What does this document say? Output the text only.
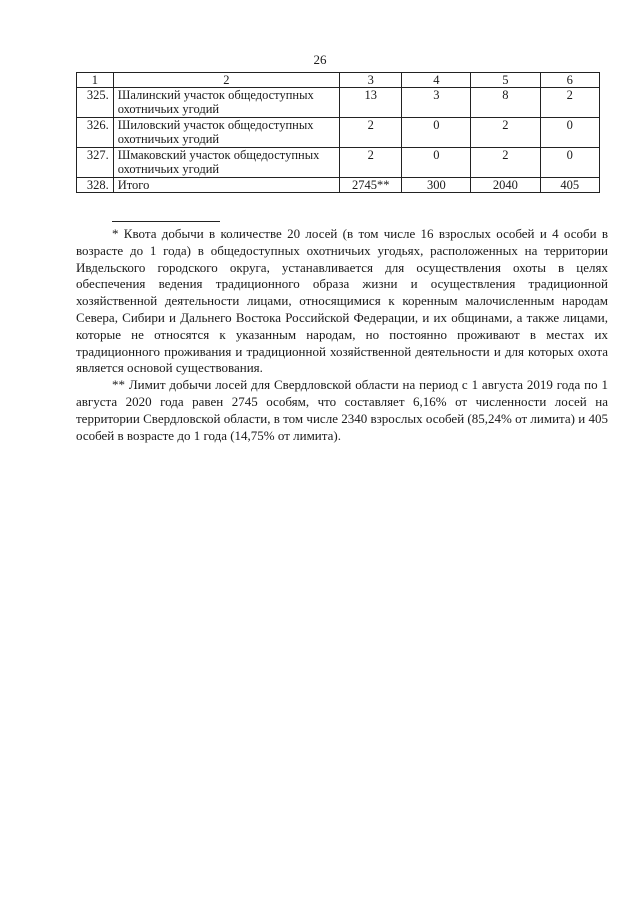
26
1	2	3	4	5	6
325.	Шалинский участок общедоступных охотничьих угодий	13	3	8	2
326.	Шиловский участок общедоступных охотничьих угодий	2	0	2	0
327.	Шмаковский участок общедоступных охотничьих угодий	2	0	2	0
328.	Итого	2745**	300	2040	405

* Квота добычи в количестве 20 лосей (в том числе 16 взрослых особей и 4 особи в возрасте до 1 года) в общедоступных охотничьих угодьях, расположенных на территории Ивдельского городского округа, устанавливается для осуществления охоты в целях обеспечения ведения традиционного образа жизни и осуществления традиционной хозяйственной деятельности лицами, относящимися к коренным малочисленным народам Севера, Сибири и Дальнего Востока Российской Федерации, и их общинами, а также лицами, которые не относятся к указанным народам, но постоянно проживают в местах их традиционного проживания и традиционной хозяйственной деятельности и для которых охота является основой существования.

** Лимит добычи лосей для Свердловской области на период с 1 августа 2019 года по 1 августа 2020 года равен 2745 особям, что составляет 6,16% от численности лосей на территории Свердловской области, в том числе 2340 взрослых особей (85,24% от лимита) и 405 особей в возрасте до 1 года (14,75% от лимита).
